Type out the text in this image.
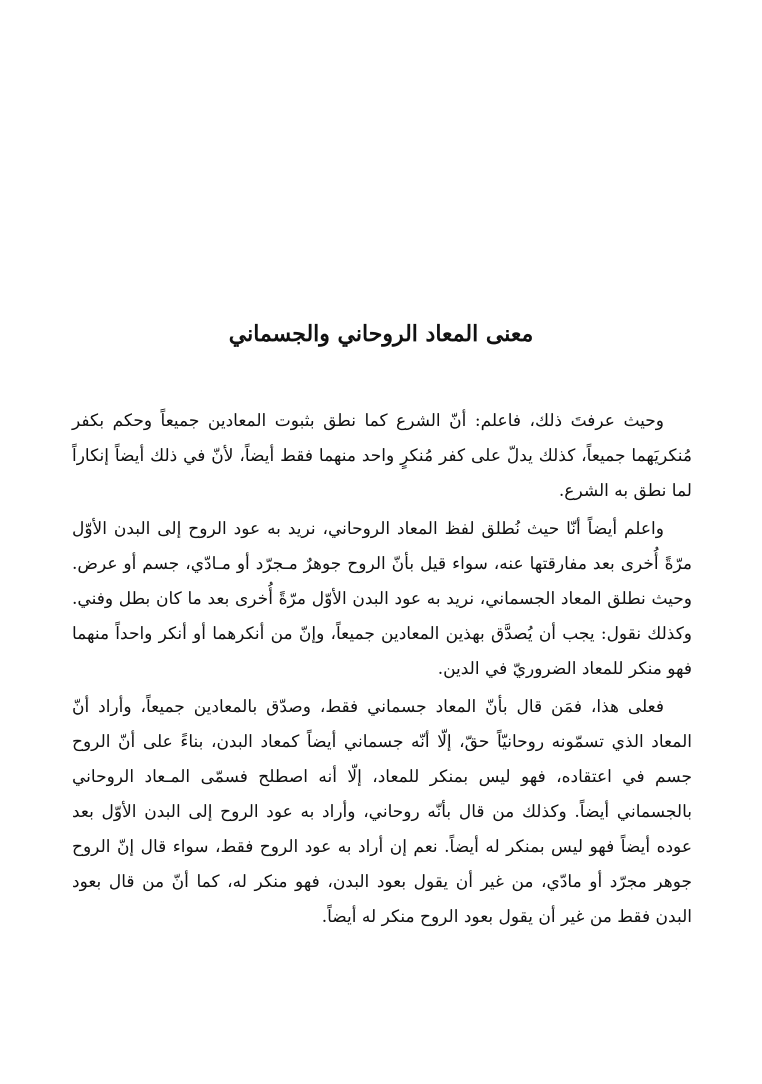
معنى المعاد الروحاني والجسماني

وحيث عرفتَ ذلك، فاعلم: أنّ الشرع كما نطق بثبوت المعادين جميعاً وحكم بكفر مُنكريَهما جميعاً، كذلك يدلّ على كفر مُنكرٍ واحد منهما فقط أيضاً، لأنّ في ذلك أيضاً إنكاراً لما نطق به الشرع.

واعلم أيضاً أنّا حيث نُطلق لفظ المعاد الروحاني، نريد به عود الروح إلى البدن الأوّل مرّةً أُخرى بعد مفارقتها عنه، سواء قيل بأنّ الروح جوهرٌ مـجرّد أو مـادّي، جسم أو عرض. وحيث نطلق المعاد الجسماني، نريد به عود البدن الأوّل مرّةً أُخرى بعد ما كان بطل وفني. وكذلك نقول: يجب أن يُصدَّق بهذين المعادين جميعاً، وإنّ من أنكرهما أو أنكر واحداً منهما فهو منكر للمعاد الضروريّ في الدين.

فعلى هذا، فمَن قال بأنّ المعاد جسماني فقط، وصدّق بالمعادين جميعاً، وأراد أنّ المعاد الذي تسمّونه روحانيّاً حقّ، إلّا أنّه جسماني أيضاً كمعاد البدن، بناءً على أنّ الروح جسم في اعتقاده، فهو ليس بمنكر للمعاد، إلّا أنه اصطلح فسمّى المـعاد الروحاني بالجسماني أيضاً. وكذلك من قال بأنّه روحاني، وأراد به عود الروح إلى البدن الأوّل بعد عوده أيضاً فهو ليس بمنكر له أيضاً. نعم إن أراد به عود الروح فقط، سواء قال إنّ الروح جوهر مجرّد أو مادّي، من غير أن يقول بعود البدن، فهو منكر له، كما أنّ من قال بعود البدن فقط من غير أن يقول بعود الروح منكر له أيضاً.
